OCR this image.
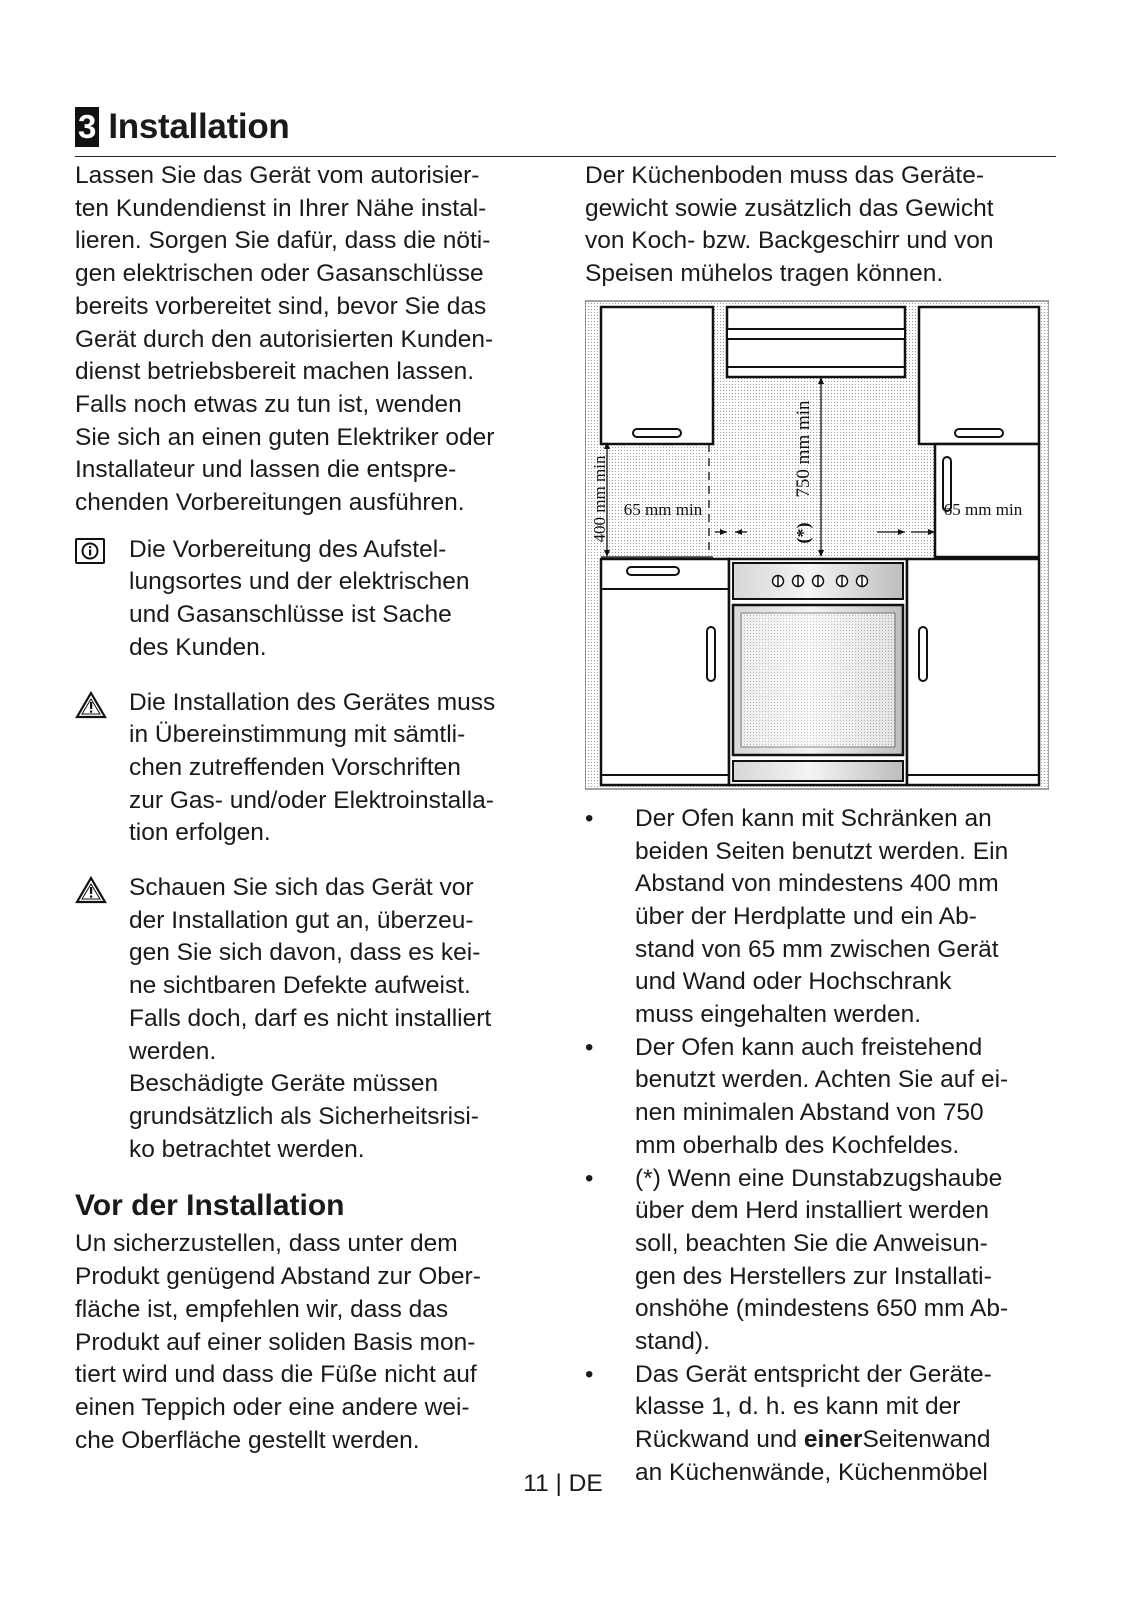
3 Installation

Lassen Sie das Gerät vom autorisier-
ten Kundendienst in Ihrer Nähe instal-
lieren. Sorgen Sie dafür, dass die nöti-
gen elektrischen oder Gasanschlüsse
bereits vorbereitet sind, bevor Sie das
Gerät durch den autorisierten Kunden-
dienst betriebsbereit machen lassen.
Falls noch etwas zu tun ist, wenden
Sie sich an einen guten Elektriker oder
Installateur und lassen die entspre-
chenden Vorbereitungen ausführen.

Die Vorbereitung des Aufstel-
lungsortes und der elektrischen
und Gasanschlüsse ist Sache
des Kunden.
Die Installation des Gerätes muss
in Übereinstimmung mit sämtli-
chen zutreffenden Vorschriften
zur Gas- und/oder Elektroinstalla-
tion erfolgen.
Schauen Sie sich das Gerät vor
der Installation gut an, überzeu-
gen Sie sich davon, dass es kei-
ne sichtbaren Defekte aufweist.
Falls doch, darf es nicht installiert
werden.
Beschädigte Geräte müssen
grundsätzlich als Sicherheitsrisi-
ko betrachtet werden.
Vor der Installation

Un sicherzustellen, dass unter dem
Produkt genügend Abstand zur Ober-
fläche ist, empfehlen wir, dass das
Produkt auf einer soliden Basis mon-
tiert wird und dass die Füße nicht auf
einen Teppich oder eine andere wei-
che Oberfläche gestellt werden.

Der Küchenboden muss das Geräte-
gewicht sowie zusätzlich das Gewicht
von Koch- bzw. Backgeschirr und von
Speisen mühelos tragen können.

400 mm min 65 mm min
750 mm min
(*)
65 mm min
•	Der Ofen kann mit Schränken an
beiden Seiten benutzt werden. Ein
Abstand von mindestens 400 mm
über der Herdplatte und ein Ab-
stand von 65 mm zwischen Gerät
und Wand oder Hochschrank
muss eingehalten werden.
•	Der Ofen kann auch freistehend
benutzt werden. Achten Sie auf ei-
nen minimalen Abstand von 750
mm oberhalb des Kochfeldes.
•	(*) Wenn eine Dunstabzugshaube
über dem Herd installiert werden
soll, beachten Sie die Anweisun-
gen des Herstellers zur Installati-
onshöhe (mindestens 650 mm Ab-
stand).
•	Das Gerät entspricht der Geräte-
klasse 1, d. h. es kann mit der
Rückwand und einerSeitenwand
an Küchenwände, Küchenmöbel
11 | DE
